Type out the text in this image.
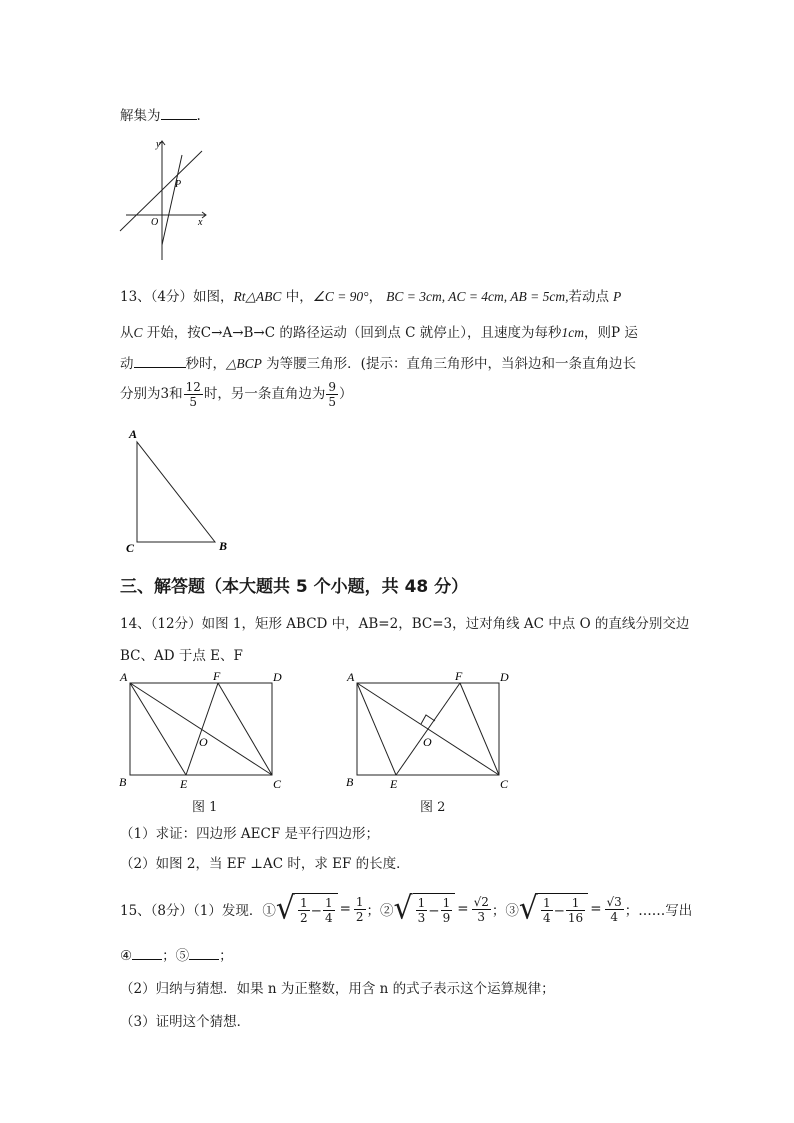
解集为	.
y
x
O
P
13、（4分）如图，Rt△ABC 中，∠C = 90°， BC = 3cm, AC = 4cm, AB = 5cm,若动点 P
从C 开始，按C→A→B→C 的路径运动（回到点 C 就停止），且速度为每秒1cm，则P 运
动	秒时，△BCP 为等腰三角形．(提示：直角三角形中，当斜边和一条直角边长
分别为3和 $\frac{12}{5}$ 时，另一条直角边为 $\frac{9}{5}$ ）
A
C	B
三、解答题（本大题共 5 个小题，共 48 分）
14、（12分）如图 1，矩形 ABCD 中，AB=2，BC=3，过对角线 AC 中点 O 的直线分别交边
BC、AD 于点 E、F
A	F	D
O
B	E	C
图 1
A	F	D
O
B	E	C
图 2
（1）求证：四边形 AECF 是平行四边形；
（2）如图 2，当 EF ⊥AC 时，求 EF 的长度．
15、（8分）（1）发现．① √ $\frac{1}{2} - \frac{1}{4} = \frac{1}{2}$ ；② √ $\frac{1}{3} - \frac{1}{9} = \frac{√2}{3}$ ；③ √ $\frac{1}{4} - \frac{1}{16} = \frac{√3}{4}$ ；……写出
④ ；⑤ ；
（2）归纳与猜想．如果 n 为正整数，用含 n 的式子表示这个运算规律；
（3）证明这个猜想．
